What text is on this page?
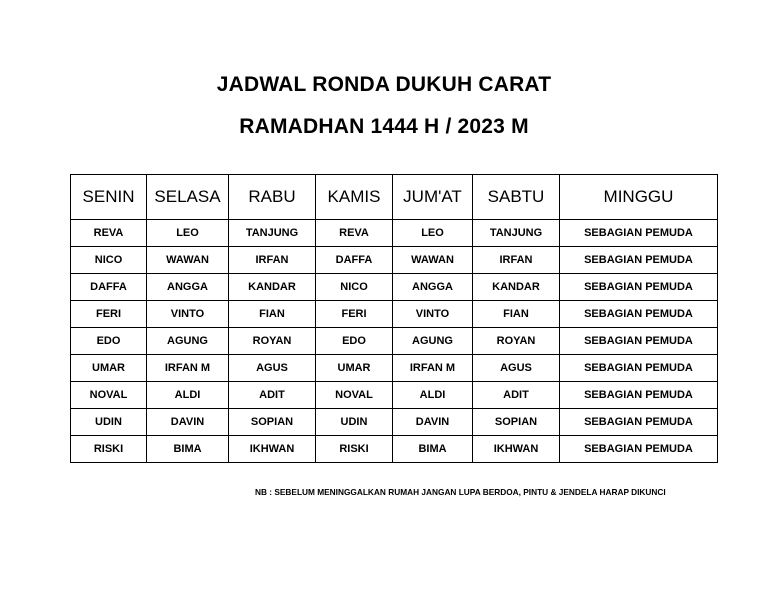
JADWAL RONDA DUKUH CARAT
RAMADHAN 1444 H / 2023 M
SENIN	SELASA	RABU	KAMIS	JUM'AT	SABTU	MINGGU
REVA	LEO	TANJUNG	REVA	LEO	TANJUNG	SEBAGIAN PEMUDA
NICO	WAWAN	IRFAN	DAFFA	WAWAN	IRFAN	SEBAGIAN PEMUDA
DAFFA	ANGGA	KANDAR	NICO	ANGGA	KANDAR	SEBAGIAN PEMUDA
FERI	VINTO	FIAN	FERI	VINTO	FIAN	SEBAGIAN PEMUDA
EDO	AGUNG	ROYAN	EDO	AGUNG	ROYAN	SEBAGIAN PEMUDA
UMAR	IRFAN M	AGUS	UMAR	IRFAN M	AGUS	SEBAGIAN PEMUDA
NOVAL	ALDI	ADIT	NOVAL	ALDI	ADIT	SEBAGIAN PEMUDA
UDIN	DAVIN	SOPIAN	UDIN	DAVIN	SOPIAN	SEBAGIAN PEMUDA
RISKI	BIMA	IKHWAN	RISKI	BIMA	IKHWAN	SEBAGIAN PEMUDA
NB : SEBELUM MENINGGALKAN RUMAH JANGAN LUPA BERDOA, PINTU & JENDELA HARAP DIKUNCI
